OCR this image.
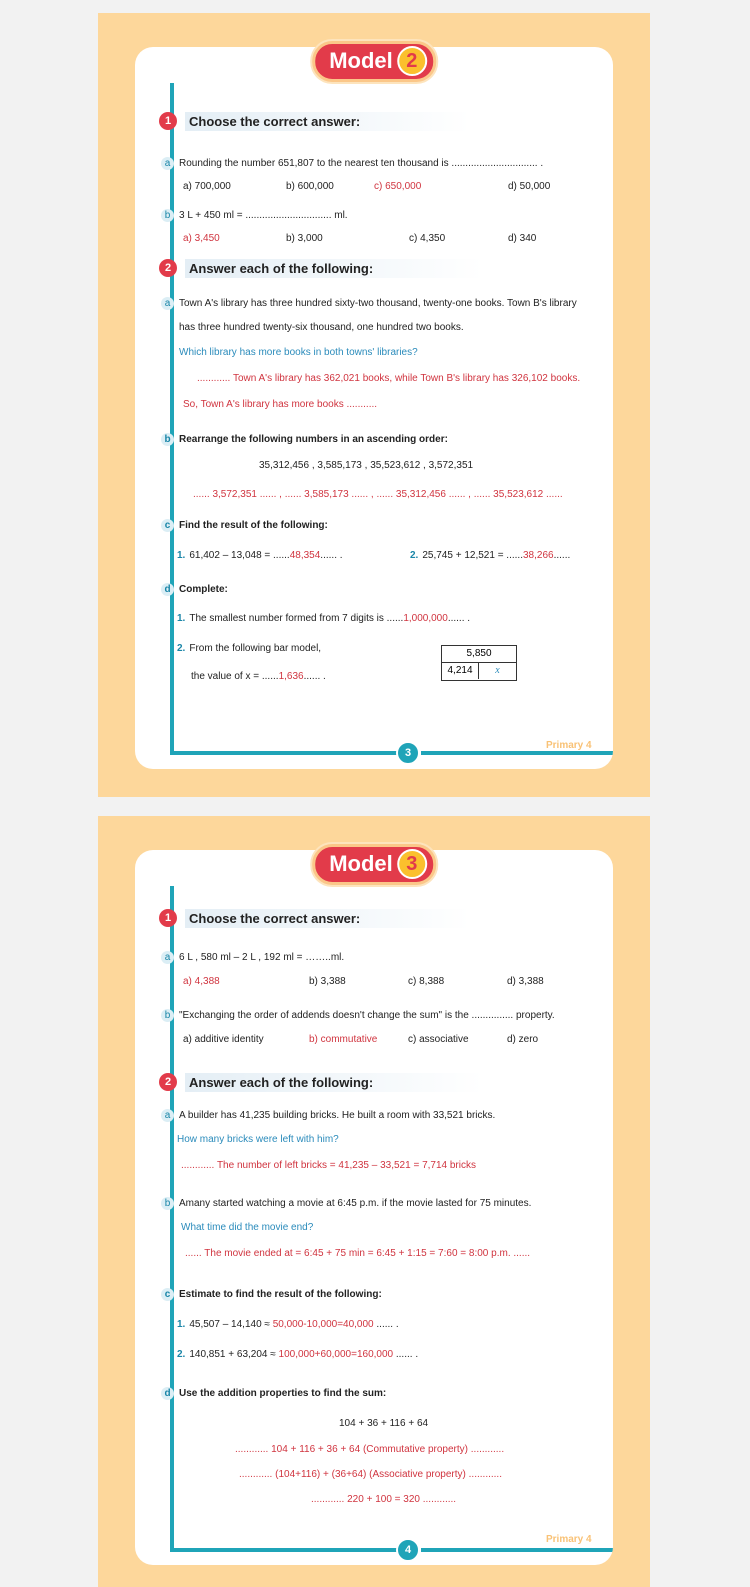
3
1	Choose the correct answer:
a Rounding the number 651,807 to the nearest ten thousand is ............................... .
a) 700,000	b) 600,000	c) 650,000	d) 50,000
b 3 L + 450 ml = ............................... ml.
a) 3,450	b) 3,000	c) 4,350	d) 340
2	Answer each of the following:
a Town A's library has three hundred sixty-two thousand, twenty-one books. Town B's library
has three hundred twenty-six thousand, one hundred two books.
Which library has more books in both towns' libraries?
............ Town A's library has 362,021 books, while Town B's library has 326,102 books.
So, Town A's library has more books ...........
b Rearrange the following numbers in an ascending order:
35,312,456 , 3,585,173 , 35,523,612 , 3,572,351
...... 3,572,351 ...... , ...... 3,585,173 ...... , ...... 35,312,456 ...... , ...... 35,523,612 ......
c Find the result of the following:
1. 61,402 – 13,048 = ......48,354...... .	2. 25,745 + 12,521 = ......38,266......
d Complete:
1. The smallest number formed from 7 digits is ......1,000,000...... .
2. From the following bar model,
the value of x = ......1,636...... .
5,850
4,214	x
Model 2
Primary 4
4
1	Choose the correct answer:
a 6 L , 580 ml – 2 L , 192 ml = ……..ml.
a) 4,388	b) 3,388	c) 8,388	d) 3,388
b "Exchanging the order of addends doesn't change the sum" is the ............... property.
a) additive identity	b) commutative	c) associative	d) zero
2	Answer each of the following:
a A builder has 41,235 building bricks. He built a room with 33,521 bricks.
How many bricks were left with him?
............ The number of left bricks = 41,235 – 33,521 = 7,714 bricks
b Amany started watching a movie at 6:45 p.m. if the movie lasted for 75 minutes.
What time did the movie end?
...... The movie ended at = 6:45 + 75 min = 6:45 + 1:15 = 7:60 = 8:00 p.m. ......
c Estimate to find the result of the following:
1. 45,507 – 14,140 ≈ 50,000-10,000=40,000 ...... .
2. 140,851 + 63,204 ≈ 100,000+60,000=160,000 ...... .
d Use the addition properties to find the sum:
104 + 36 + 116 + 64
............ 104 + 116 + 36 + 64 (Commutative property) ............
............ (104+116) + (36+64) (Associative property) ............
............ 220 + 100 = 320 ............
Model 3
Primary 4
